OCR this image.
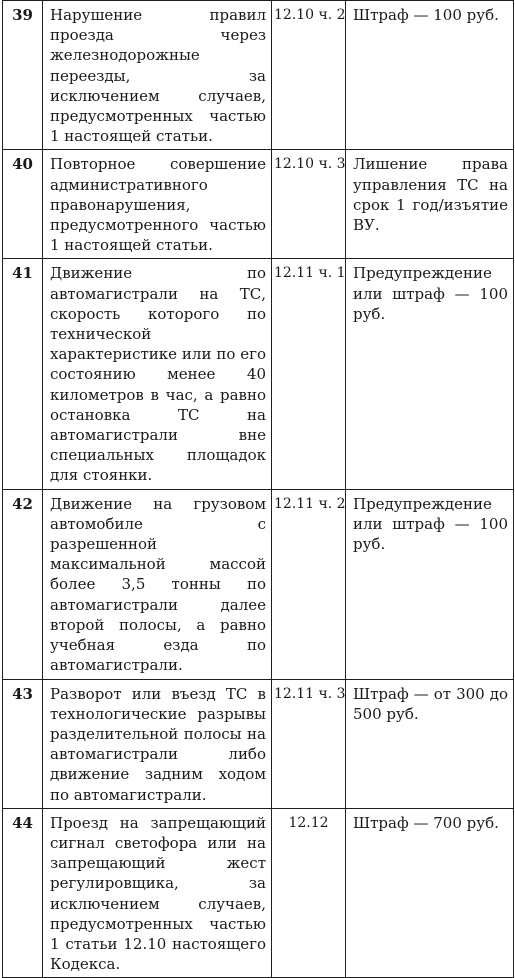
39	Нарушение правил проезда через железнодорожные переезды, за исключением случаев, предусмотренных частью 1 настоящей статьи.	12.10 ч. 2	Штраф — 100 руб.
40	Повторное совершение административного правонарушения, предусмотренного частью 1 настоящей статьи.	12.10 ч. 3	Лишение права управления ТС на срок 1 год/изъятие ВУ.
41	Движение по автомагистрали на ТС, скорость которого по технической характеристике или по его состоянию менее 40 километров в час, а равно остановка ТС на автомагистрали вне специальных площадок для стоянки.	12.11 ч. 1	Предупреждение или штраф — 100 руб.
42	Движение на грузовом автомобиле с разрешенной максимальной массой более 3,5 тонны по автомагистрали далее второй полосы, а равно учебная езда по автомагистрали.	12.11 ч. 2	Предупреждение или штраф — 100 руб.
43	Разворот или въезд ТС в технологические разрывы разделительной полосы на автомагистрали либо движение задним ходом по автомагистрали.	12.11 ч. 3	Штраф — от 300 до 500 руб.
44	Проезд на запрещающий сигнал светофора или на запрещающий жест регулировщика, за исключением случаев, предусмотренных частью 1 статьи 12.10 настоящего Кодекса.	12.12	Штраф — 700 руб.
